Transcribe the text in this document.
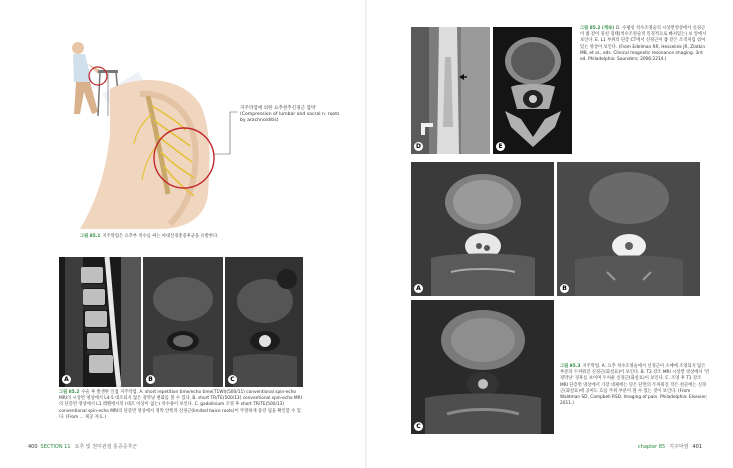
지주막염에 의한 요추천추신경근 압박 (Compression of lumbar and sacral n. roots by arachnoiditis)
그림 85.1 지주막염은 요추부 척수를 싸는 마대신경총증후군을 유발한다.
A	B	C
그림 85.2 수술 후 발생한 인접 지주막염. A. short repetition time/echo time(T1WI)(500/11) conventional spin-echo MRI의 시상면 영상에서 L4-5 대조되지 않은 경막낭 변화를 볼 수 있다. B. short TR/TE(500/13) conventional spin-echo MRI의 단층면 영상에서 L1 레벨에서의 (대조 이상이 없는) 척수종이 보인다. C. gadolinium 조영 후 short TR/TE(500/13) conventional spin-echo MRI의 단층면 영상에서 경막 안쪽의 신경근(limited twice roots)이 뚜렷하게 증강 됨을 확인할 수 있다. (From ... 제공 자료.)
400 SECTION 11 요추 및 천미관절 통증증후군
D	E
그림 85.2 (계속) D. 수평성 척수조영술의 시상면영상에서 신경근이 좁 같이 뭉친 형태(척수조영술적 특징적으로 빠져있는) 보 앞에서 보인다. E. L1 부위의 단층 CT에서 신경근이 좁 같은 조직처럼 엮여있는 영상이 보인다. (From Edelman RR, Hesselink JR, Zlatkin MB, et al., eds. Clinical magnetic resonance imaging. 3rd ed. Philadelphia: Saunders; 2006:2214.)
A	B
C
그림 85.3 지주막염. A. 요추 척수조영술에서 신경근이 소매에 조영되지 않은 부분과 두꺼워진 신경근(화살표)이 보인다. B. T2 강조 MRI 시상면 영상에서 '빈경막낭' 징후를 보이며 두꺼운 신경근(화살표)이 보인다. C. 조영 후 T1 강조 MRI 단층면 영상에서 가장 대체에는 덩은 단면의 두꺼워진 작은 천골에는 신경근(화살표)에 공여도 흐름 주위 부분이 볼 수 있는 것이 보인다. (From Waldman SD, Campbell RSD. Imaging of pain. Philadelphia: Elsevier; 2011.)
chapter 85 지주막염 401
